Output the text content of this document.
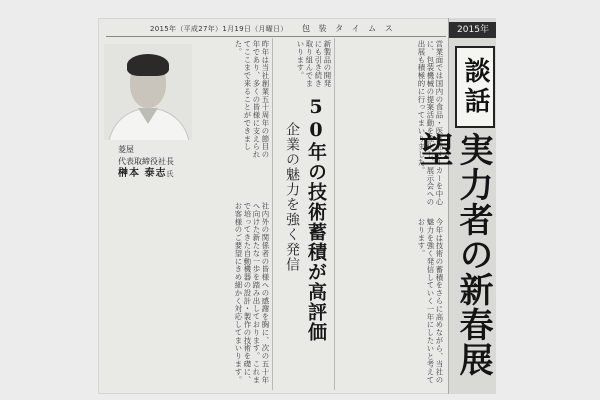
2015年（平成27年）1月19日（月曜日） 包 装 タ イ ム ス
昨年は当社創業五十周年の節目の年であり、多くの皆様に支えられてここまで来ることができました。	新製品の開発にも引き続き取り組んでまいります。	営業面では国内の食品・医薬品メーカーを中心に、包装機械の提案活動を強化し、展示会への出展も積極的に行ってまいりました。
今年は技術の蓄積をさらに高めながら、当社の魅力を強く発信していく一年にしたいと考えております。
社内外の関係者の皆様への感謝を胸に、次の五十年へ向けた新たな一歩を踏み出しております。これまで培ってきた自動機器の設計・製作の技術を礎に、お客様のご要望にきめ細かく対応してまいります。
菱屋
代表取締役社長
榊本 泰志氏	50年の技術蓄積が高評価
企業の魅力を強く発信
2015年
談話
実力者の新春展望
